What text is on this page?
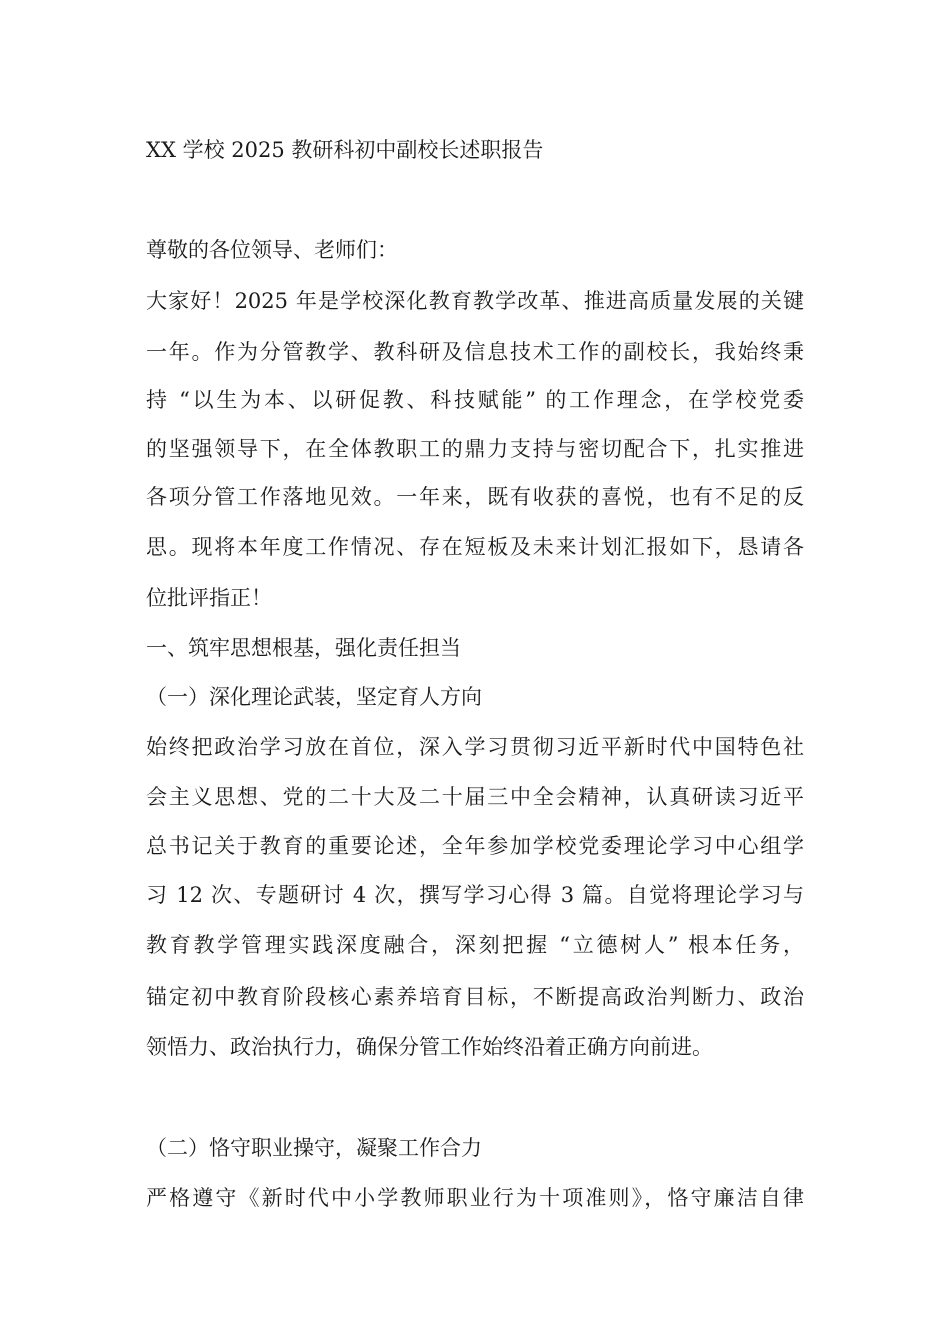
XX 学校 2025 教研科初中副校长述职报告
尊敬的各位领导、老师们：
大家好！2025 年是学校深化教育教学改革、推进高质量发展的关键
一年。作为分管教学、教科研及信息技术工作的副校长，我始终秉
持 “以生为本、以研促教、科技赋能” 的工作理念，在学校党委
的坚强领导下，在全体教职工的鼎力支持与密切配合下，扎实推进
各项分管工作落地见效。一年来，既有收获的喜悦，也有不足的反
思。现将本年度工作情况、存在短板及未来计划汇报如下，恳请各
位批评指正！
一、筑牢思想根基，强化责任担当
（一）深化理论武装，坚定育人方向
始终把政治学习放在首位，深入学习贯彻习近平新时代中国特色社
会主义思想、党的二十大及二十届三中全会精神，认真研读习近平
总书记关于教育的重要论述，全年参加学校党委理论学习中心组学
习 12 次、专题研讨 4 次，撰写学习心得 3 篇。自觉将理论学习与
教育教学管理实践深度融合，深刻把握 “立德树人” 根本任务，
锚定初中教育阶段核心素养培育目标，不断提高政治判断力、政治
领悟力、政治执行力，确保分管工作始终沿着正确方向前进。
（二）恪守职业操守，凝聚工作合力
严格遵守《新时代中小学教师职业行为十项准则》，恪守廉洁自律
